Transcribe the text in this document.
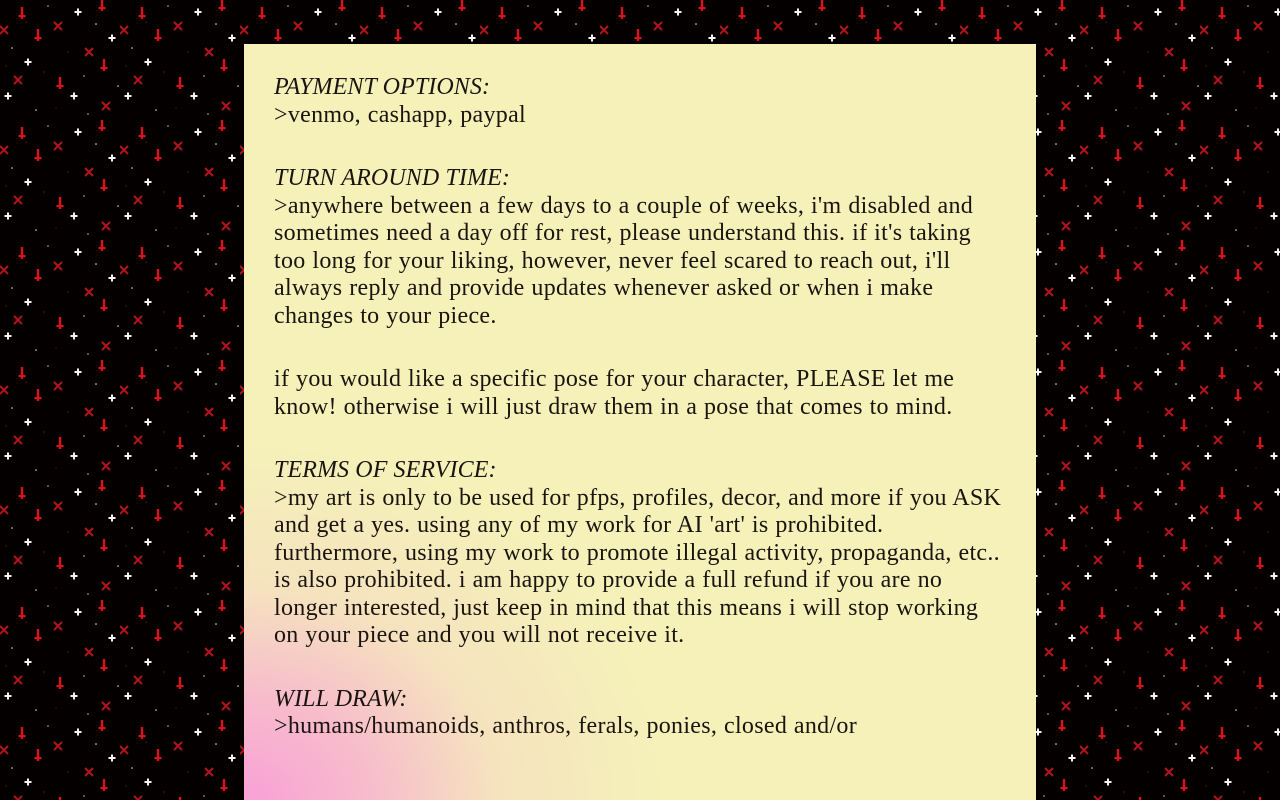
PAYMENT OPTIONS:

>venmo, cashapp, paypal

TURN AROUND TIME:

>anywhere between a few days to a couple of weeks, i'm disabled and sometimes need a day off for rest, please understand this. if it's taking too long for your liking, however, never feel scared to reach out, i'll always reply and provide updates whenever asked or when i make changes to your piece.

if you would like a specific pose for your character, PLEASE let me know! otherwise i will just draw them in a pose that comes to mind.

TERMS OF SERVICE:

>my art is only to be used for pfps, profiles, decor, and more if you ASK and get a yes. using any of my work for AI 'art' is prohibited. furthermore, using my work to promote illegal activity, propaganda, etc.. is also prohibited. i am happy to provide a full refund if you are no longer interested, just keep in mind that this means i will stop working on your piece and you will not receive it.

WILL DRAW:

>humans/humanoids, anthros, ferals, ponies, closed and/or
